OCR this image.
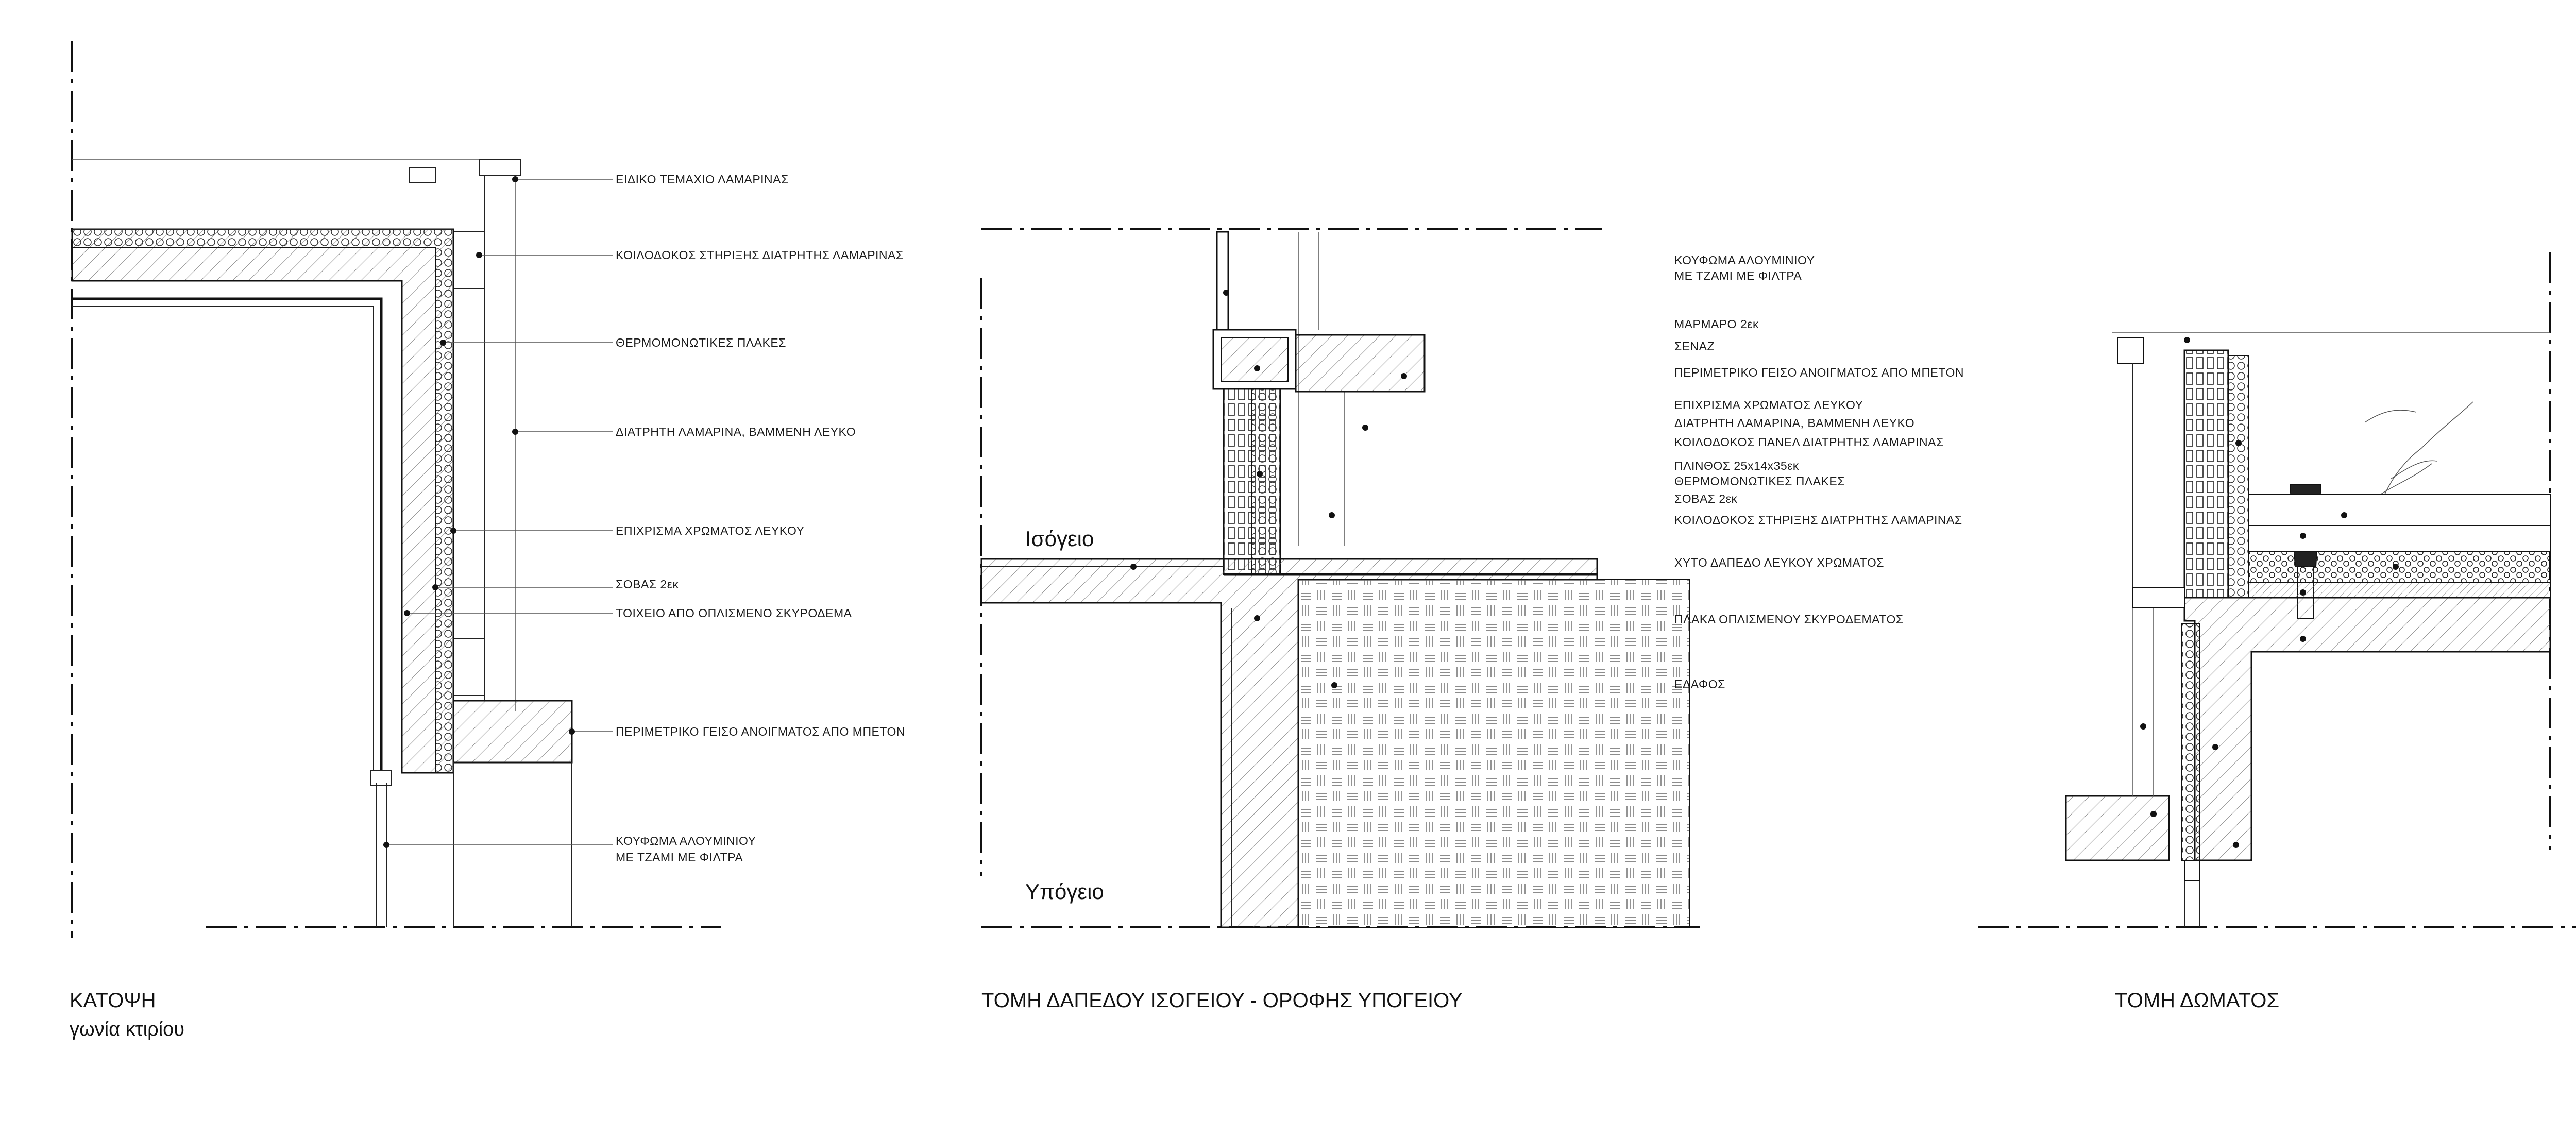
ΕΙΔΙΚΟ ΤΕΜΑΧΙΟ ΛΑΜΑΡΙΝΑΣ
ΚΟΙΛΟΔΟΚΟΣ ΣΤΗΡΙΞΗΣ ΔΙΑΤΡΗΤΗΣ ΛΑΜΑΡΙΝΑΣ
ΘΕΡΜΟΜΟΝΩΤΙΚΕΣ ΠΛΑΚΕΣ
ΔΙΑΤΡΗΤΗ ΛΑΜΑΡΙΝΑ, ΒΑΜΜΕΝΗ ΛΕΥΚΟ
ΕΠΙΧΡΙΣΜΑ ΧΡΩΜΑΤΟΣ ΛΕΥΚΟΥ
ΣΟΒΑΣ 2εκ
ΤΟΙΧΕΙΟ ΑΠΟ ΟΠΛΙΣΜΕΝΟ ΣΚΥΡΟΔΕΜΑ
ΠΕΡΙΜΕΤΡΙΚΟ ΓΕΙΣΟ ΑΝΟΙΓΜΑΤΟΣ ΑΠΟ ΜΠΕΤΟΝ
ΚΟΥΦΩΜΑ ΑΛΟΥΜΙΝΙΟΥ
ΜΕ ΤΖΑΜΙ ΜΕ ΦΙΛΤΡΑ
ΚΑΤΟΨΗ
γωνία κτιρίου
Ισόγειο
Υπόγειο
ΚΟΥΦΩΜΑ ΑΛΟΥΜΙΝΙΟΥ
ΜΕ ΤΖΑΜΙ ΜΕ ΦΙΛΤΡΑ
ΜΑΡΜΑΡΟ 2εκ
ΣΕΝΑΖ
ΠΕΡΙΜΕΤΡΙΚΟ ΓΕΙΣΟ ΑΝΟΙΓΜΑΤΟΣ ΑΠΟ ΜΠΕΤΟΝ
ΕΠΙΧΡΙΣΜΑ ΧΡΩΜΑΤΟΣ ΛΕΥΚΟΥ
ΔΙΑΤΡΗΤΗ ΛΑΜΑΡΙΝΑ, ΒΑΜΜΕΝΗ ΛΕΥΚΟ
ΚΟΙΛΟΔΟΚΟΣ ΠΑΝΕΛ ΔΙΑΤΡΗΤΗΣ ΛΑΜΑΡΙΝΑΣ
ΠΛΙΝΘΟΣ 25x14x35εκ
ΘΕΡΜΟΜΟΝΩΤΙΚΕΣ ΠΛΑΚΕΣ
ΣΟΒΑΣ 2εκ
ΚΟΙΛΟΔΟΚΟΣ ΣΤΗΡΙΞΗΣ ΔΙΑΤΡΗΤΗΣ ΛΑΜΑΡΙΝΑΣ
ΧΥΤΟ ΔΑΠΕΔΟ ΛΕΥΚΟΥ ΧΡΩΜΑΤΟΣ
ΠΛΑΚΑ ΟΠΛΙΣΜΕΝΟΥ ΣΚΥΡΟΔΕΜΑΤΟΣ
ΕΔΑΦΟΣ
ΤΟΜΗ ΔΑΠΕΔΟΥ ΙΣΟΓΕΙΟΥ - ΟΡΟΦΗΣ ΥΠΟΓΕΙΟΥ	ΤΟΜΗ ΔΩΜΑΤΟΣ
